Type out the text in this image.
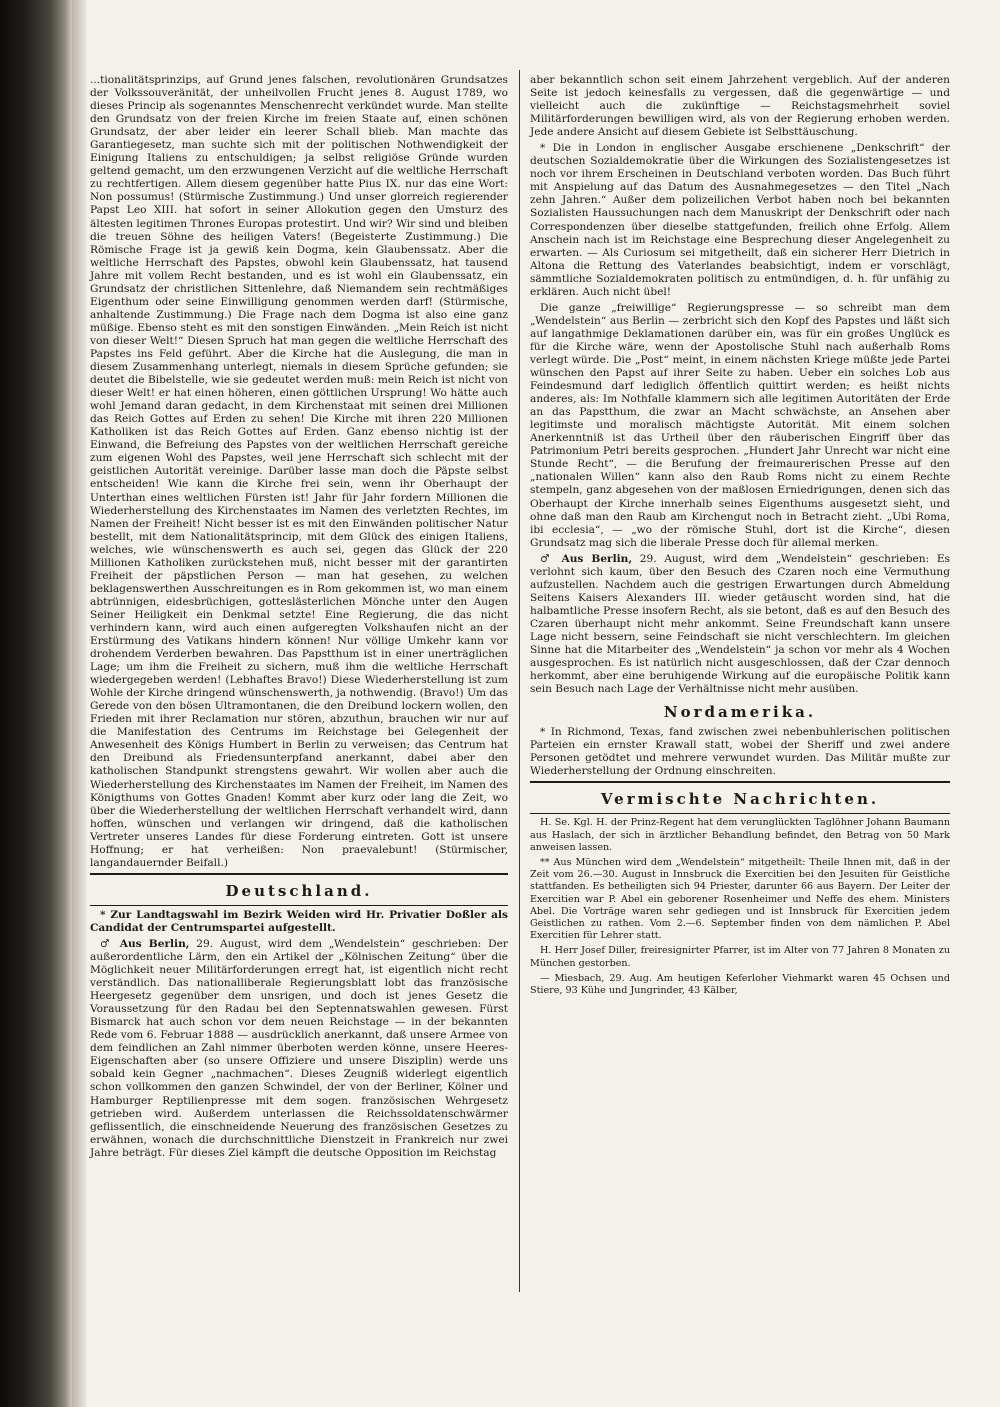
...tionalitätsprinzips, auf Grund jenes falschen, revolutionären Grundsatzes der Volkssouveränität, der unheilvollen Frucht jenes 8. August 1789, wo dieses Princip als sogenanntes Menschenrecht verkündet wurde. Man stellte den Grundsatz von der freien Kirche im freien Staate auf, einen schönen Grundsatz, der aber leider ein leerer Schall blieb. Man machte das Garantiegesetz, man suchte sich mit der politischen Nothwendigkeit der Einigung Italiens zu entschuldigen; ja selbst religiöse Gründe wurden geltend gemacht, um den erzwungenen Verzicht auf die weltliche Herrschaft zu rechtfertigen. Allem diesem gegenüber hatte Pius IX. nur das eine Wort: Non possumus! (Stürmische Zustimmung.) Und unser glorreich regierender Papst Leo XIII. hat sofort in seiner Allokution gegen den Umsturz des ältesten legitimen Thrones Europas protestirt. Und wir? Wir sind und bleiben die treuen Söhne des heiligen Vaters! (Begeisterte Zustimmung.) Die Römische Frage ist ja gewiß kein Dogma, kein Glaubenssatz. Aber die weltliche Herrschaft des Papstes, obwohl kein Glaubenssatz, hat tausend Jahre mit vollem Recht bestanden, und es ist wohl ein Glaubenssatz, ein Grundsatz der christlichen Sittenlehre, daß Niemandem sein rechtmäßiges Eigenthum oder seine Einwilligung genommen werden darf! (Stürmische, anhaltende Zustimmung.) Die Frage nach dem Dogma ist also eine ganz müßige. Ebenso steht es mit den sonstigen Einwänden. „Mein Reich ist nicht von dieser Welt!“ Diesen Spruch hat man gegen die weltliche Herrschaft des Papstes ins Feld geführt. Aber die Kirche hat die Auslegung, die man in diesem Zusammenhang unterlegt, niemals in diesem Sprüche gefunden; sie deutet die Bibelstelle, wie sie gedeutet werden muß: mein Reich ist nicht von dieser Welt! er hat einen höheren, einen göttlichen Ursprung! Wo hätte auch wohl Jemand daran gedacht, in dem Kirchenstaat mit seinen drei Millionen das Reich Gottes auf Erden zu sehen! Die Kirche mit ihren 220 Millionen Katholiken ist das Reich Gottes auf Erden. Ganz ebenso nichtig ist der Einwand, die Befreiung des Papstes von der weltlichen Herrschaft gereiche zum eigenen Wohl des Papstes, weil jene Herrschaft sich schlecht mit der geistlichen Autorität vereinige. Darüber lasse man doch die Päpste selbst entscheiden! Wie kann die Kirche frei sein, wenn ihr Oberhaupt der Unterthan eines weltlichen Fürsten ist! Jahr für Jahr fordern Millionen die Wiederherstellung des Kirchenstaates im Namen des verletzten Rechtes, im Namen der Freiheit! Nicht besser ist es mit den Einwänden politischer Natur bestellt, mit dem Nationalitätsprincip, mit dem Glück des einigen Italiens, welches, wie wünschenswerth es auch sei, gegen das Glück der 220 Millionen Katholiken zurückstehen muß, nicht besser mit der garantirten Freiheit der päpstlichen Person — man hat gesehen, zu welchen beklagenswerthen Ausschreitungen es in Rom gekommen ist, wo man einem abtrünnigen, eidesbrüchigen, gotteslästerlichen Mönche unter den Augen Seiner Heiligkeit ein Denkmal setzte! Eine Regierung, die das nicht verhindern kann, wird auch einen aufgeregten Volkshaufen nicht an der Erstürmung des Vatikans hindern können! Nur völlige Umkehr kann vor drohendem Verderben bewahren. Das Papstthum ist in einer unerträglichen Lage; um ihm die Freiheit zu sichern, muß ihm die weltliche Herrschaft wiedergegeben werden! (Lebhaftes Bravo!) Diese Wiederherstellung ist zum Wohle der Kirche dringend wünschenswerth, ja nothwendig. (Bravo!) Um das Gerede von den bösen Ultramontanen, die den Dreibund lockern wollen, den Frieden mit ihrer Reclamation nur stören, abzuthun, brauchen wir nur auf die Manifestation des Centrums im Reichstage bei Gelegenheit der Anwesenheit des Königs Humbert in Berlin zu verweisen; das Centrum hat den Dreibund als Friedensunterpfand anerkannt, dabei aber den katholischen Standpunkt strengstens gewahrt. Wir wollen aber auch die Wiederherstellung des Kirchenstaates im Namen der Freiheit, im Namen des Königthums von Gottes Gnaden! Kommt aber kurz oder lang die Zeit, wo über die Wiederherstellung der weltlichen Herrschaft verhandelt wird, dann hoffen, wünschen und verlangen wir dringend, daß die katholischen Vertreter unseres Landes für diese Forderung eintreten. Gott ist unsere Hoffnung; er hat verheißen: Non praevalebunt! (Stürmischer, langandauernder Beifall.)

Deutschland.

* Zur Landtagswahl im Bezirk Weiden wird Hr. Privatier Doßler als Candidat der Centrumspartei aufgestellt.

♂ Aus Berlin, 29. August, wird dem „Wendelstein“ geschrieben: Der außerordentliche Lärm, den ein Artikel der „Kölnischen Zeitung“ über die Möglichkeit neuer Militärforderungen erregt hat, ist eigentlich nicht recht verständlich. Das nationalliberale Regierungsblatt lobt das französische Heergesetz gegenüber dem unsrigen, und doch ist jenes Gesetz die Voraussetzung für den Radau bei den Septennatswahlen gewesen. Fürst Bismarck hat auch schon vor dem neuen Reichstage — in der bekannten Rede vom 6. Februar 1888 — ausdrücklich anerkannt, daß unsere Armee von dem feindlichen an Zahl nimmer überboten werden könne, unsere Heeres-Eigenschaften aber (so unsere Offiziere und unsere Disziplin) werde uns sobald kein Gegner „nachmachen“. Dieses Zeugniß widerlegt eigentlich schon vollkommen den ganzen Schwindel, der von der Berliner, Kölner und Hamburger Reptilienpresse mit dem sogen. französischen Wehrgesetz getrieben wird. Außerdem unterlassen die Reichssoldatenschwärmer geflissentlich, die einschneidende Neuerung des französischen Gesetzes zu erwähnen, wonach die durchschnittliche Dienstzeit in Frankreich nur zwei Jahre beträgt. Für dieses Ziel kämpft die deutsche Opposition im Reichstag

aber bekanntlich schon seit einem Jahrzehent vergeblich. Auf der anderen Seite ist jedoch keinesfalls zu vergessen, daß die gegenwärtige — und vielleicht auch die zukünftige — Reichstagsmehrheit soviel Militärforderungen bewilligen wird, als von der Regierung erhoben werden. Jede andere Ansicht auf diesem Gebiete ist Selbsttäuschung.

* Die in London in englischer Ausgabe erschienene „Denkschrift“ der deutschen Sozialdemokratie über die Wirkungen des Sozialistengesetzes ist noch vor ihrem Erscheinen in Deutschland verboten worden. Das Buch führt mit Anspielung auf das Datum des Ausnahmegesetzes — den Titel „Nach zehn Jahren.“ Außer dem polizeilichen Verbot haben noch bei bekannten Sozialisten Haussuchungen nach dem Manuskript der Denkschrift oder nach Correspondenzen über dieselbe stattgefunden, freilich ohne Erfolg. Allem Anschein nach ist im Reichstage eine Besprechung dieser Angelegenheit zu erwarten. — Als Curiosum sei mitgetheilt, daß ein sicherer Herr Dietrich in Altona die Rettung des Vaterlandes beabsichtigt, indem er vorschlägt, sämmtliche Sozialdemokraten politisch zu entmündigen, d. h. für unfähig zu erklären. Auch nicht übel!

Die ganze „freiwillige“ Regierungspresse — so schreibt man dem „Wendelstein“ aus Berlin — zerbricht sich den Kopf des Papstes und läßt sich auf langathmige Deklamationen darüber ein, was für ein großes Unglück es für die Kirche wäre, wenn der Apostolische Stuhl nach außerhalb Roms verlegt würde. Die „Post“ meint, in einem nächsten Kriege müßte jede Partei wünschen den Papst auf ihrer Seite zu haben. Ueber ein solches Lob aus Feindesmund darf lediglich öffentlich quittirt werden; es heißt nichts anderes, als: Im Nothfalle klammern sich alle legitimen Autoritäten der Erde an das Papstthum, die zwar an Macht schwächste, an Ansehen aber legitimste und moralisch mächtigste Autorität. Mit einem solchen Anerkenntniß ist das Urtheil über den räuberischen Eingriff über das Patrimonium Petri bereits gesprochen. „Hundert Jahr Unrecht war nicht eine Stunde Recht“, — die Berufung der freimaurerischen Presse auf den „nationalen Willen“ kann also den Raub Roms nicht zu einem Rechte stempeln, ganz abgesehen von der maßlosen Erniedrigungen, denen sich das Oberhaupt der Kirche innerhalb seines Eigenthums ausgesetzt sieht, und ohne daß man den Raub am Kirchengut noch in Betracht zieht. „Ubi Roma, ibi ecclesia“, — „wo der römische Stuhl, dort ist die Kirche“, diesen Grundsatz mag sich die liberale Presse doch für allemal merken.

♂ Aus Berlin, 29. August, wird dem „Wendelstein“ geschrieben: Es verlohnt sich kaum, über den Besuch des Czaren noch eine Vermuthung aufzustellen. Nachdem auch die gestrigen Erwartungen durch Abmeldung Seitens Kaisers Alexanders III. wieder getäuscht worden sind, hat die halbamtliche Presse insofern Recht, als sie betont, daß es auf den Besuch des Czaren überhaupt nicht mehr ankommt. Seine Freundschaft kann unsere Lage nicht bessern, seine Feindschaft sie nicht verschlechtern. Im gleichen Sinne hat die Mitarbeiter des „Wendelstein“ ja schon vor mehr als 4 Wochen ausgesprochen. Es ist natürlich nicht ausgeschlossen, daß der Czar dennoch herkommt, aber eine beruhigende Wirkung auf die europäische Politik kann sein Besuch nach Lage der Verhältnisse nicht mehr ausüben.

Nordamerika.

* In Richmond, Texas, fand zwischen zwei nebenbuhlerischen politischen Parteien ein ernster Krawall statt, wobei der Sheriff und zwei andere Personen getödtet und mehrere verwundet wurden. Das Militär mußte zur Wiederherstellung der Ordnung einschreiten.

Vermischte Nachrichten.

H. Se. Kgl. H. der Prinz-Regent hat dem verunglückten Taglöhner Johann Baumann aus Haslach, der sich in ärztlicher Behandlung befindet, den Betrag von 50 Mark anweisen lassen.

** Aus München wird dem „Wendelstein“ mitgetheilt: Theile Ihnen mit, daß in der Zeit vom 26.—30. August in Innsbruck die Exercitien bei den Jesuiten für Geistliche stattfanden. Es betheiligten sich 94 Priester, darunter 66 aus Bayern. Der Leiter der Exercitien war P. Abel ein geborener Rosenheimer und Neffe des ehem. Ministers Abel. Die Vorträge waren sehr gediegen und ist Innsbruck für Exercitien jedem Geistlichen zu rathen. Vom 2.—6. September finden von dem nämlichen P. Abel Exercitien für Lehrer statt.

H. Herr Josef Diller, freiresignirter Pfarrer, ist im Alter von 77 Jahren 8 Monaten zu München gestorben.

— Miesbach, 29. Aug. Am heutigen Keferloher Viehmarkt waren 45 Ochsen und Stiere, 93 Kühe und Jungrinder, 43 Kälber,
